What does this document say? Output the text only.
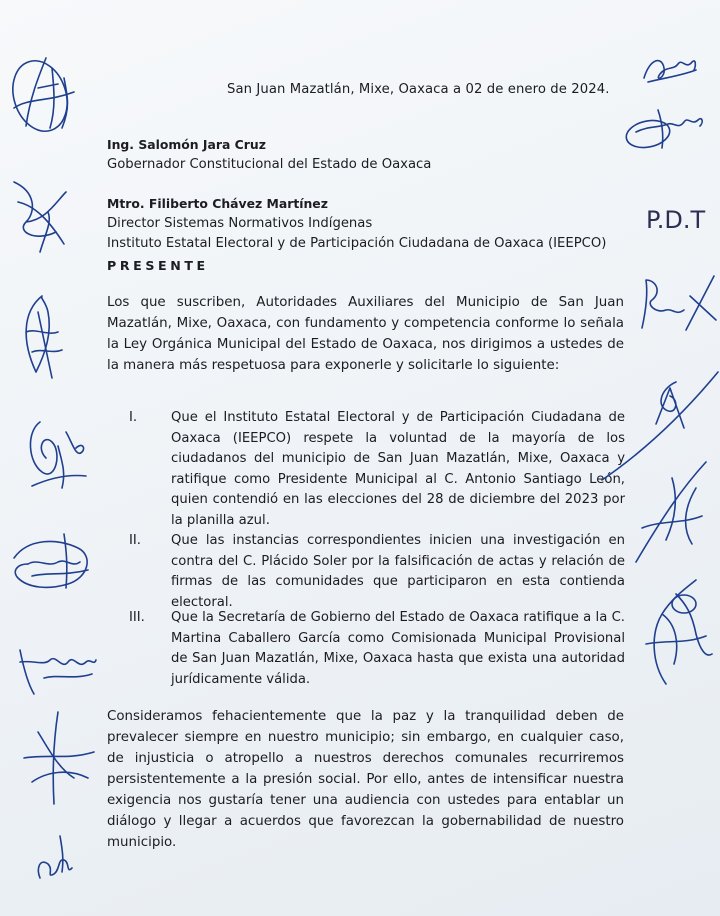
San Juan Mazatlán, Mixe, Oaxaca a 02 de enero de 2024.
Ing. Salomón Jara Cruz
Gobernador Constitucional del Estado de Oaxaca
Mtro. Filiberto Chávez Martínez
Director Sistemas Normativos Indígenas
Instituto Estatal Electoral y de Participación Ciudadana de Oaxaca (IEEPCO)
PRESENTE
Los que suscriben, Autoridades Auxiliares del Municipio de San Juan Mazatlán, Mixe, Oaxaca, con fundamento y competencia conforme lo señala la Ley Orgánica Municipal del Estado de Oaxaca, nos dirigimos a ustedes de la manera más respetuosa para exponerle y solicitarle lo siguiente:
I.	Que el Instituto Estatal Electoral y de Participación Ciudadana de Oaxaca (IEEPCO) respete la voluntad de la mayoría de los ciudadanos del municipio de San Juan Mazatlán, Mixe, Oaxaca y ratifique como Presidente Municipal al C. Antonio Santiago León, quien contendió en las elecciones del 28 de diciembre del 2023 por la planilla azul.
II.	Que las instancias correspondientes inicien una investigación en contra del C. Plácido Soler por la falsificación de actas y relación de firmas de las comunidades que participaron en esta contienda electoral.
III.	Que la Secretaría de Gobierno del Estado de Oaxaca ratifique a la C. Martina Caballero García como Comisionada Municipal Provisional de San Juan Mazatlán, Mixe, Oaxaca hasta que exista una autoridad jurídicamente válida.
Consideramos fehacientemente que la paz y la tranquilidad deben de prevalecer siempre en nuestro municipio; sin embargo, en cualquier caso, de injusticia o atropello a nuestros derechos comunales recurriremos persistentemente a la presión social. Por ello, antes de intensificar nuestra exigencia nos gustaría tener una audiencia con ustedes para entablar un diálogo y llegar a acuerdos que favorezcan la gobernabilidad de nuestro municipio.
P.D.T
